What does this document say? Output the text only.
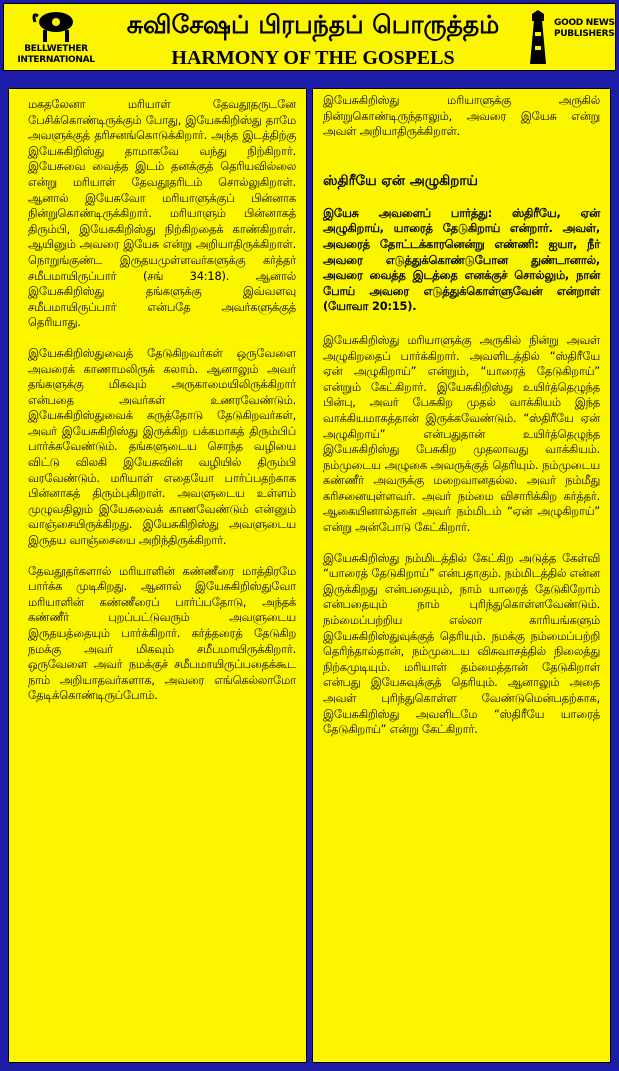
BELLWETHER
INTERNATIONAL
சுவிசேஷப் பிரபந்தப் பொருத்தம்
HARMONY OF THE GOSPELS
GOOD NEWS
PUBLISHERS

மகதலேனா மரியாள் தேவதூதருடனே பேசிக்கொண்டிருக்கும் போது, இயேசுகிறிஸ்து தாமே அவளுக்குத் தரிசனங்கொடுக்கிறார். அந்த இடத்திற்கு இயேசுகிறிஸ்து தாமாகவே வந்து நிற்கிறார். இயேசுவை வைத்த இடம் தனக்குத் தெரியவில்லை என்று மரியாள் தேவதூதரிடம் சொல்லுகிறாள். ஆனால் இயேசுவோ மரியாளுக்குப் பின்னாக நின்றுகொண்டிருக்கிறார். மரியாளும் பின்னாகத் திரும்பி, இயேசுகிறிஸ்து நிற்கிறதைக் காண்கிறாள். ஆயினும் அவரை இயேசு என்று அறியாதிருக்கிறாள். நொறுங்குண்ட இருதயமுள்ளவர்களுக்கு கர்த்தர் சமீபமாயிருப்பார் (சங் 34:18). ஆனால் இயேசுகிறிஸ்து தங்களுக்கு இவ்வளவு சமீபமாயிருப்பார் என்பதே அவர்களுக்குத் தெரியாது.

இயேசுகிறிஸ்துவைத் தேடுகிறவர்கள் ஒருவேளை அவரைக் காணாமலிருக் கலாம். ஆனாலும் அவர் தங்களுக்கு மிகவும் அருகாமையிலிருக்கிறார் என்பதை அவர்கள் உணரவேண்டும். இயேசுகிறிஸ்துவைக் கருத்தோடு தேடுகிறவர்கள், அவர் இயேசுகிறிஸ்து இருக்கிற பக்கமாகத் திரும்பிப் பார்க்கவேண்டும். தங்களுடைய சொந்த வழியை விட்டு விலகி இயேசுவின் வழியில் திரும்பி வரவேண்டும். மரியாள் எதையோ பார்ப்பதற்காக பின்னாகத் திரும்புகிறாள். அவளுடைய உள்ளம் முழுவதிலும் இயேசுவைக் காணவேண்டும் என்னும் வாஞ்சையிருக்கிறது. இயேசுகிறிஸ்து அவளுடைய இருதய வாஞ்சையை அறிந்திருக்கிறார்.

தேவதூதர்களால் மரியாளின் கண்ணீரை மாத்திரமே பார்க்க முடிகிறது. ஆனால் இயேசுகிறிஸ்துவோ மரியாளின் கண்ணீரைப் பார்ப்பதோடு, அந்தக் கண்ணீர் புறப்பட்டுவரும் அவளுடைய இருதயத்தையும் பார்க்கிறார். கர்த்தரைத் தேடுகிற நமக்கு அவர் மிகவும் சமீபமாயிருக்கிறார். ஒருவேளை அவர் நமக்குச் சமீபமாயிருப்பதைக்கூட நாம் அறியாதவர்களாக, அவரை எங்கெல்லாமோ தேடிக்கொண்டிருப்போம்.

இயேசுகிறிஸ்து மரியாளுக்கு அருகில் நின்றுகொண்டிருந்தாலும், அவரை இயேசு என்று அவள் அறியாதிருக்கிறாள்.

ஸ்திரீயே ஏன் அழுகிறாய்

இயேசு அவளைப் பார்த்து: ஸ்திரீயே, ஏன் அழுகிறாய், யாரைத் தேடுகிறாய் என்றார். அவள், அவரைத் தோட்டக்காரனென்று எண்ணி: ஐயா, நீர் அவரை எடுத்துக்கொண்டுபோன துண்டானால், அவரை வைத்த இடத்தை எனக்குச் சொல்லும், நான் போய் அவரை எடுத்துக்கொள்ளுவேன் என்றாள் (யோவா 20:15).

இயேசுகிறிஸ்து மரியாளுக்கு அருகில் நின்று அவள் அழுகிறதைப் பார்க்கிறார். அவளிடத்தில் “ஸ்திரீயே ஏன் அழுகிறாய்” என்றும், “யாரைத் தேடுகிறாய்” என்றும் கேட்கிறார். இயேசுகிறிஸ்து உயிர்த்தெழுந்த பின்பு, அவர் பேசுகிற முதல் வாக்கியம் இந்த வாக்கியமாகத்தான் இருக்கவேண்டும். “ஸ்திரீயே ஏன் அழுகிறாய்” என்பதுதான் உயிர்த்தெழுந்த இயேசுகிறிஸ்து பேசுகிற முதலாவது வாக்கியம். நம்முடைய அழுகை அவருக்குத் தெரியும். நம்முடைய கண்ணீர் அவருக்கு மறைவானதல்ல. அவர் நம்மீது கரிசனையுள்ளவர். அவர் நம்மை விசாரிக்கிற கர்த்தர். ஆகையினால்தான் அவர் நம்மிடம் “ஏன் அழுகிறாய்” என்று அன்போடு கேட்கிறார்.

இயேசுகிறிஸ்து நம்மிடத்தில் கேட்கிற அடுத்த கேள்வி “யாரைத் தேடுகிறாய்” என்பதாகும். நம்மிடத்தில் என்ன இருக்கிறது என்பதையும், நாம் யாரைத் தேடுகிறோம் என்பதையும் நாம் புரிந்துகொள்ளவேண்டும். நம்மைப்பற்றிய எல்லா காரியங்களும் இயேசுகிறிஸ்துவுக்குத் தெரியும். நமக்கு நம்மைப்பற்றி தெரிந்தால்தான், நம்முடைய விசுவாசத்தில் நிலைத்து நிற்கமுடியும். மரியாள் தம்மைத்தான் தேடுகிறாள் என்பது இயேசுவுக்குத் தெரியும். ஆனாலும் அதை அவள் புரிந்துகொள்ள வேண்டுமென்பதற்காக, இயேசுகிறிஸ்து அவளிடமே “ஸ்திரீயே யாரைத் தேடுகிறாய்” என்று கேட்கிறார்.
